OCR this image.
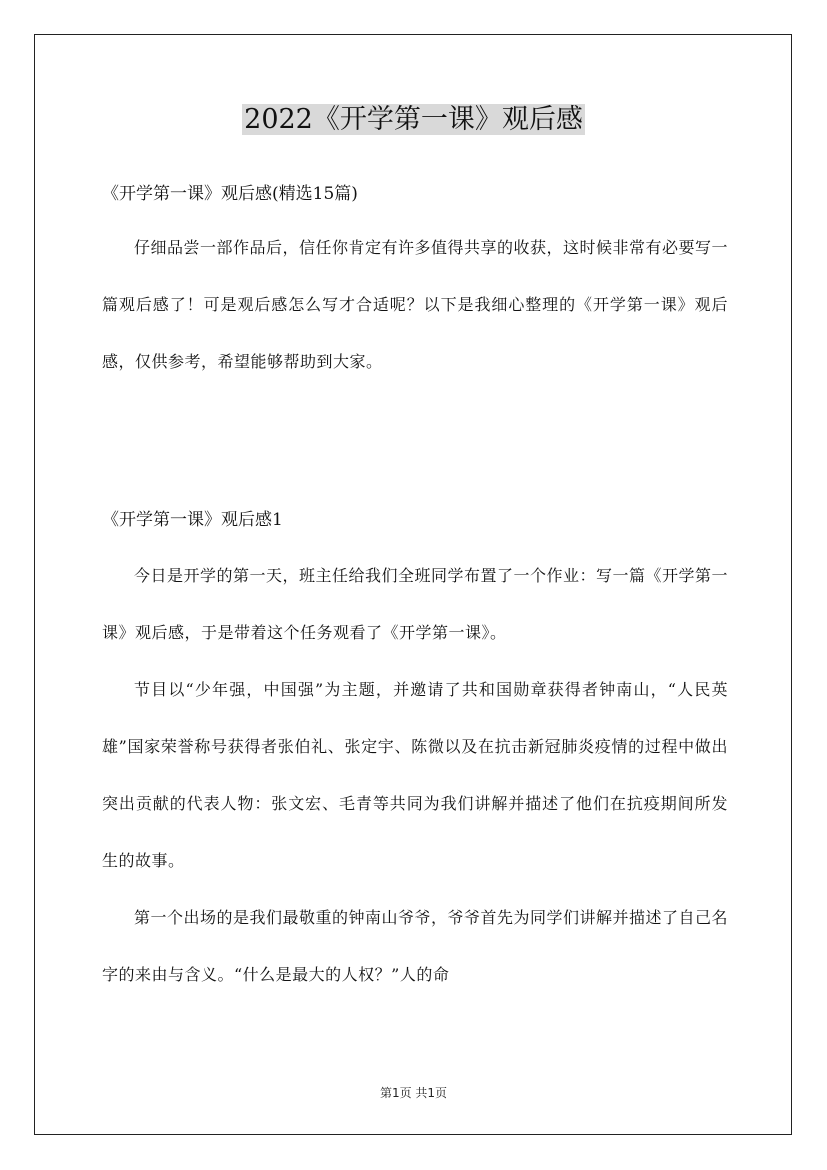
2022《开学第一课》观后感

《开学第一课》观后感(精选15篇)

仔细品尝一部作品后，信任你肯定有许多值得共享的收获，这时候非常有必要写一篇观后感了！可是观后感怎么写才合适呢？以下是我细心整理的《开学第一课》观后感，仅供参考，希望能够帮助到大家。

《开学第一课》观后感1

今日是开学的第一天，班主任给我们全班同学布置了一个作业：写一篇《开学第一课》观后感，于是带着这个任务观看了《开学第一课》。

节目以“少年强，中国强”为主题，并邀请了共和国勋章获得者钟南山，“人民英雄”国家荣誉称号获得者张伯礼、张定宇、陈微以及在抗击新冠肺炎疫情的过程中做出突出贡献的代表人物：张文宏、毛青等共同为我们讲解并描述了他们在抗疫期间所发生的故事。

第一个出场的是我们最敬重的钟南山爷爷，爷爷首先为同学们讲解并描述了自己名字的来由与含义。“什么是最大的人权？”人的命

第1页 共1页
